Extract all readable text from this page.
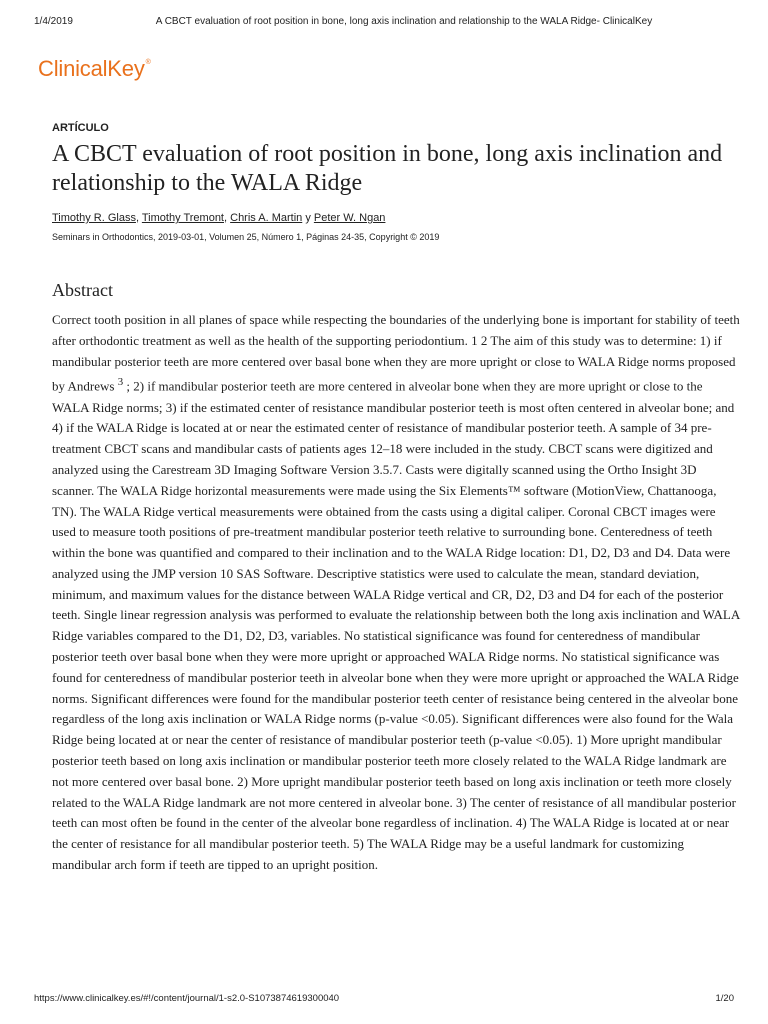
1/4/2019	A CBCT evaluation of root position in bone, long axis inclination and relationship to the WALA Ridge- ClinicalKey
ClinicalKey®
ARTÍCULO
A CBCT evaluation of root position in bone, long axis inclination and relationship to the WALA Ridge
Timothy R. Glass, Timothy Tremont, Chris A. Martin y Peter W. Ngan
Seminars in Orthodontics, 2019-03-01, Volumen 25, Número 1, Páginas 24-35, Copyright © 2019
Abstract

Correct tooth position in all planes of space while respecting the boundaries of the underlying bone is important for stability of teeth after orthodontic treatment as well as the health of the supporting periodontium. 1 2 The aim of this study was to determine: 1) if mandibular posterior teeth are more centered over basal bone when they are more upright or close to WALA Ridge norms proposed by Andrews $^3$ ; 2) if mandibular posterior teeth are more centered in alveolar bone when they are more upright or close to the WALA Ridge norms; 3) if the estimated center of resistance mandibular posterior teeth is most often centered in alveolar bone; and 4) if the WALA Ridge is located at or near the estimated center of resistance of mandibular posterior teeth. A sample of 34 pre-treatment CBCT scans and mandibular casts of patients ages 12–18 were included in the study. CBCT scans were digitized and analyzed using the Carestream 3D Imaging Software Version 3.5.7. Casts were digitally scanned using the Ortho Insight 3D scanner. The WALA Ridge horizontal measurements were made using the Six Elements™ software (MotionView, Chattanooga, TN). The WALA Ridge vertical measurements were obtained from the casts using a digital caliper. Coronal CBCT images were used to measure tooth positions of pre-treatment mandibular posterior teeth relative to surrounding bone. Centeredness of teeth within the bone was quantified and compared to their inclination and to the WALA Ridge location: D1, D2, D3 and D4. Data were analyzed using the JMP version 10 SAS Software. Descriptive statistics were used to calculate the mean, standard deviation, minimum, and maximum values for the distance between WALA Ridge vertical and CR, D2, D3 and D4 for each of the posterior teeth. Single linear regression analysis was performed to evaluate the relationship between both the long axis inclination and WALA Ridge variables compared to the D1, D2, D3, variables. No statistical significance was found for centeredness of mandibular posterior teeth over basal bone when they were more upright or approached WALA Ridge norms. No statistical significance was found for centeredness of mandibular posterior teeth in alveolar bone when they were more upright or approached the WALA Ridge norms. Significant differences were found for the mandibular posterior teeth center of resistance being centered in the alveolar bone regardless of the long axis inclination or WALA Ridge norms (p-value <0.05). Significant differences were also found for the Wala Ridge being located at or near the center of resistance of mandibular posterior teeth (p-value <0.05). 1) More upright mandibular posterior teeth based on long axis inclination or mandibular posterior teeth more closely related to the WALA Ridge landmark are not more centered over basal bone. 2) More upright mandibular posterior teeth based on long axis inclination or teeth more closely related to the WALA Ridge landmark are not more centered in alveolar bone. 3) The center of resistance of all mandibular posterior teeth can most often be found in the center of the alveolar bone regardless of inclination. 4) The WALA Ridge is located at or near the center of resistance for all mandibular posterior teeth. 5) The WALA Ridge may be a useful landmark for customizing mandibular arch form if teeth are tipped to an upright position.

https://www.clinicalkey.es/#!/content/journal/1-s2.0-S1073874619300040	1/20
